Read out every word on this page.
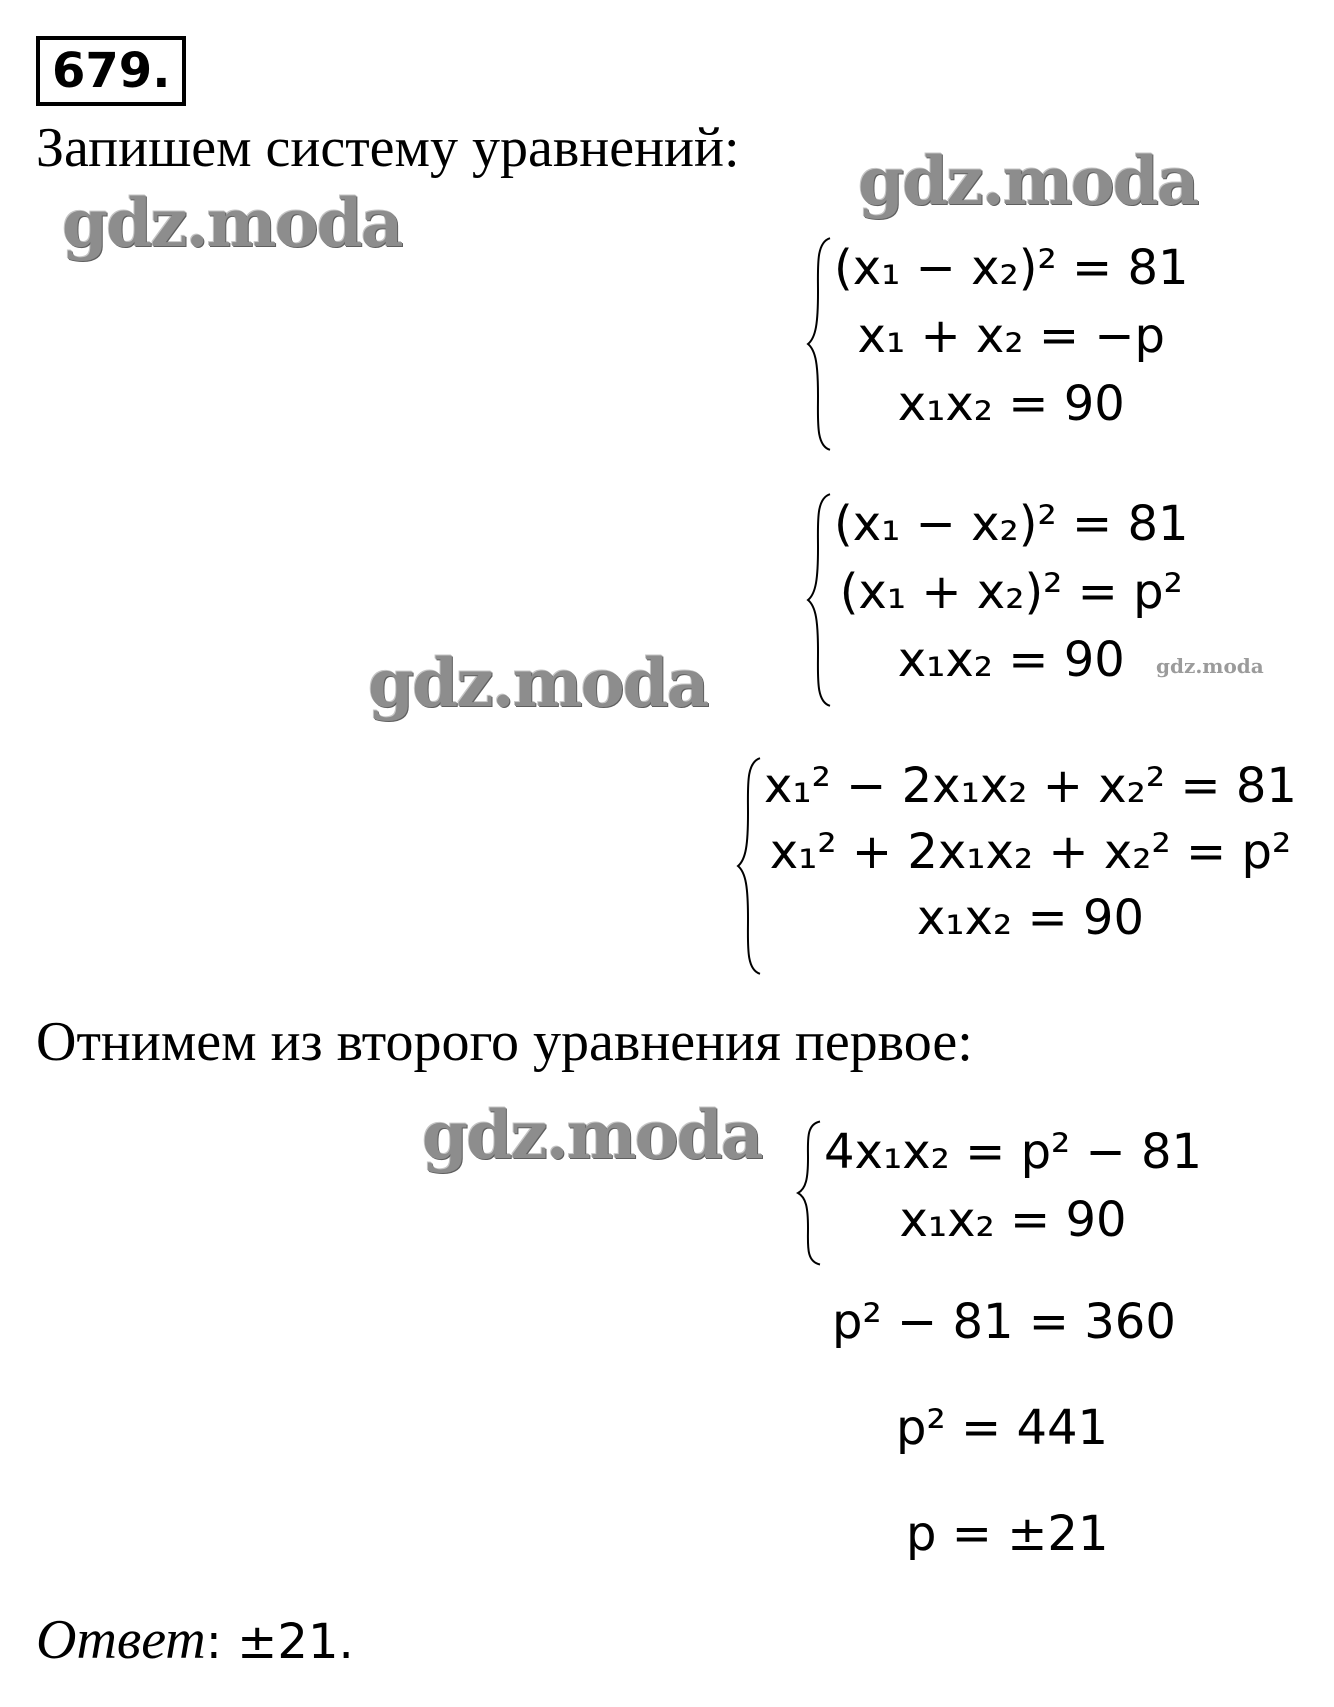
679.
Запишем систему уравнений:
gdz.moda
gdz.moda
gdz.moda	gdz.moda
gdz.moda
(x₁ − x₂)² = 81
x₁ + x₂ = −p
x₁x₂ = 90
(x₁ − x₂)² = 81
(x₁ + x₂)² = p²
x₁x₂ = 90
x₁² − 2x₁x₂ + x₂² = 81
x₁² + 2x₁x₂ + x₂² = p²
x₁x₂ = 90
Отнимем из второго уравнения первое:
4x₁x₂ = p² − 81
x₁x₂ = 90
p² − 81 = 360
p² = 441
p = ±21
Ответ: ±21.
